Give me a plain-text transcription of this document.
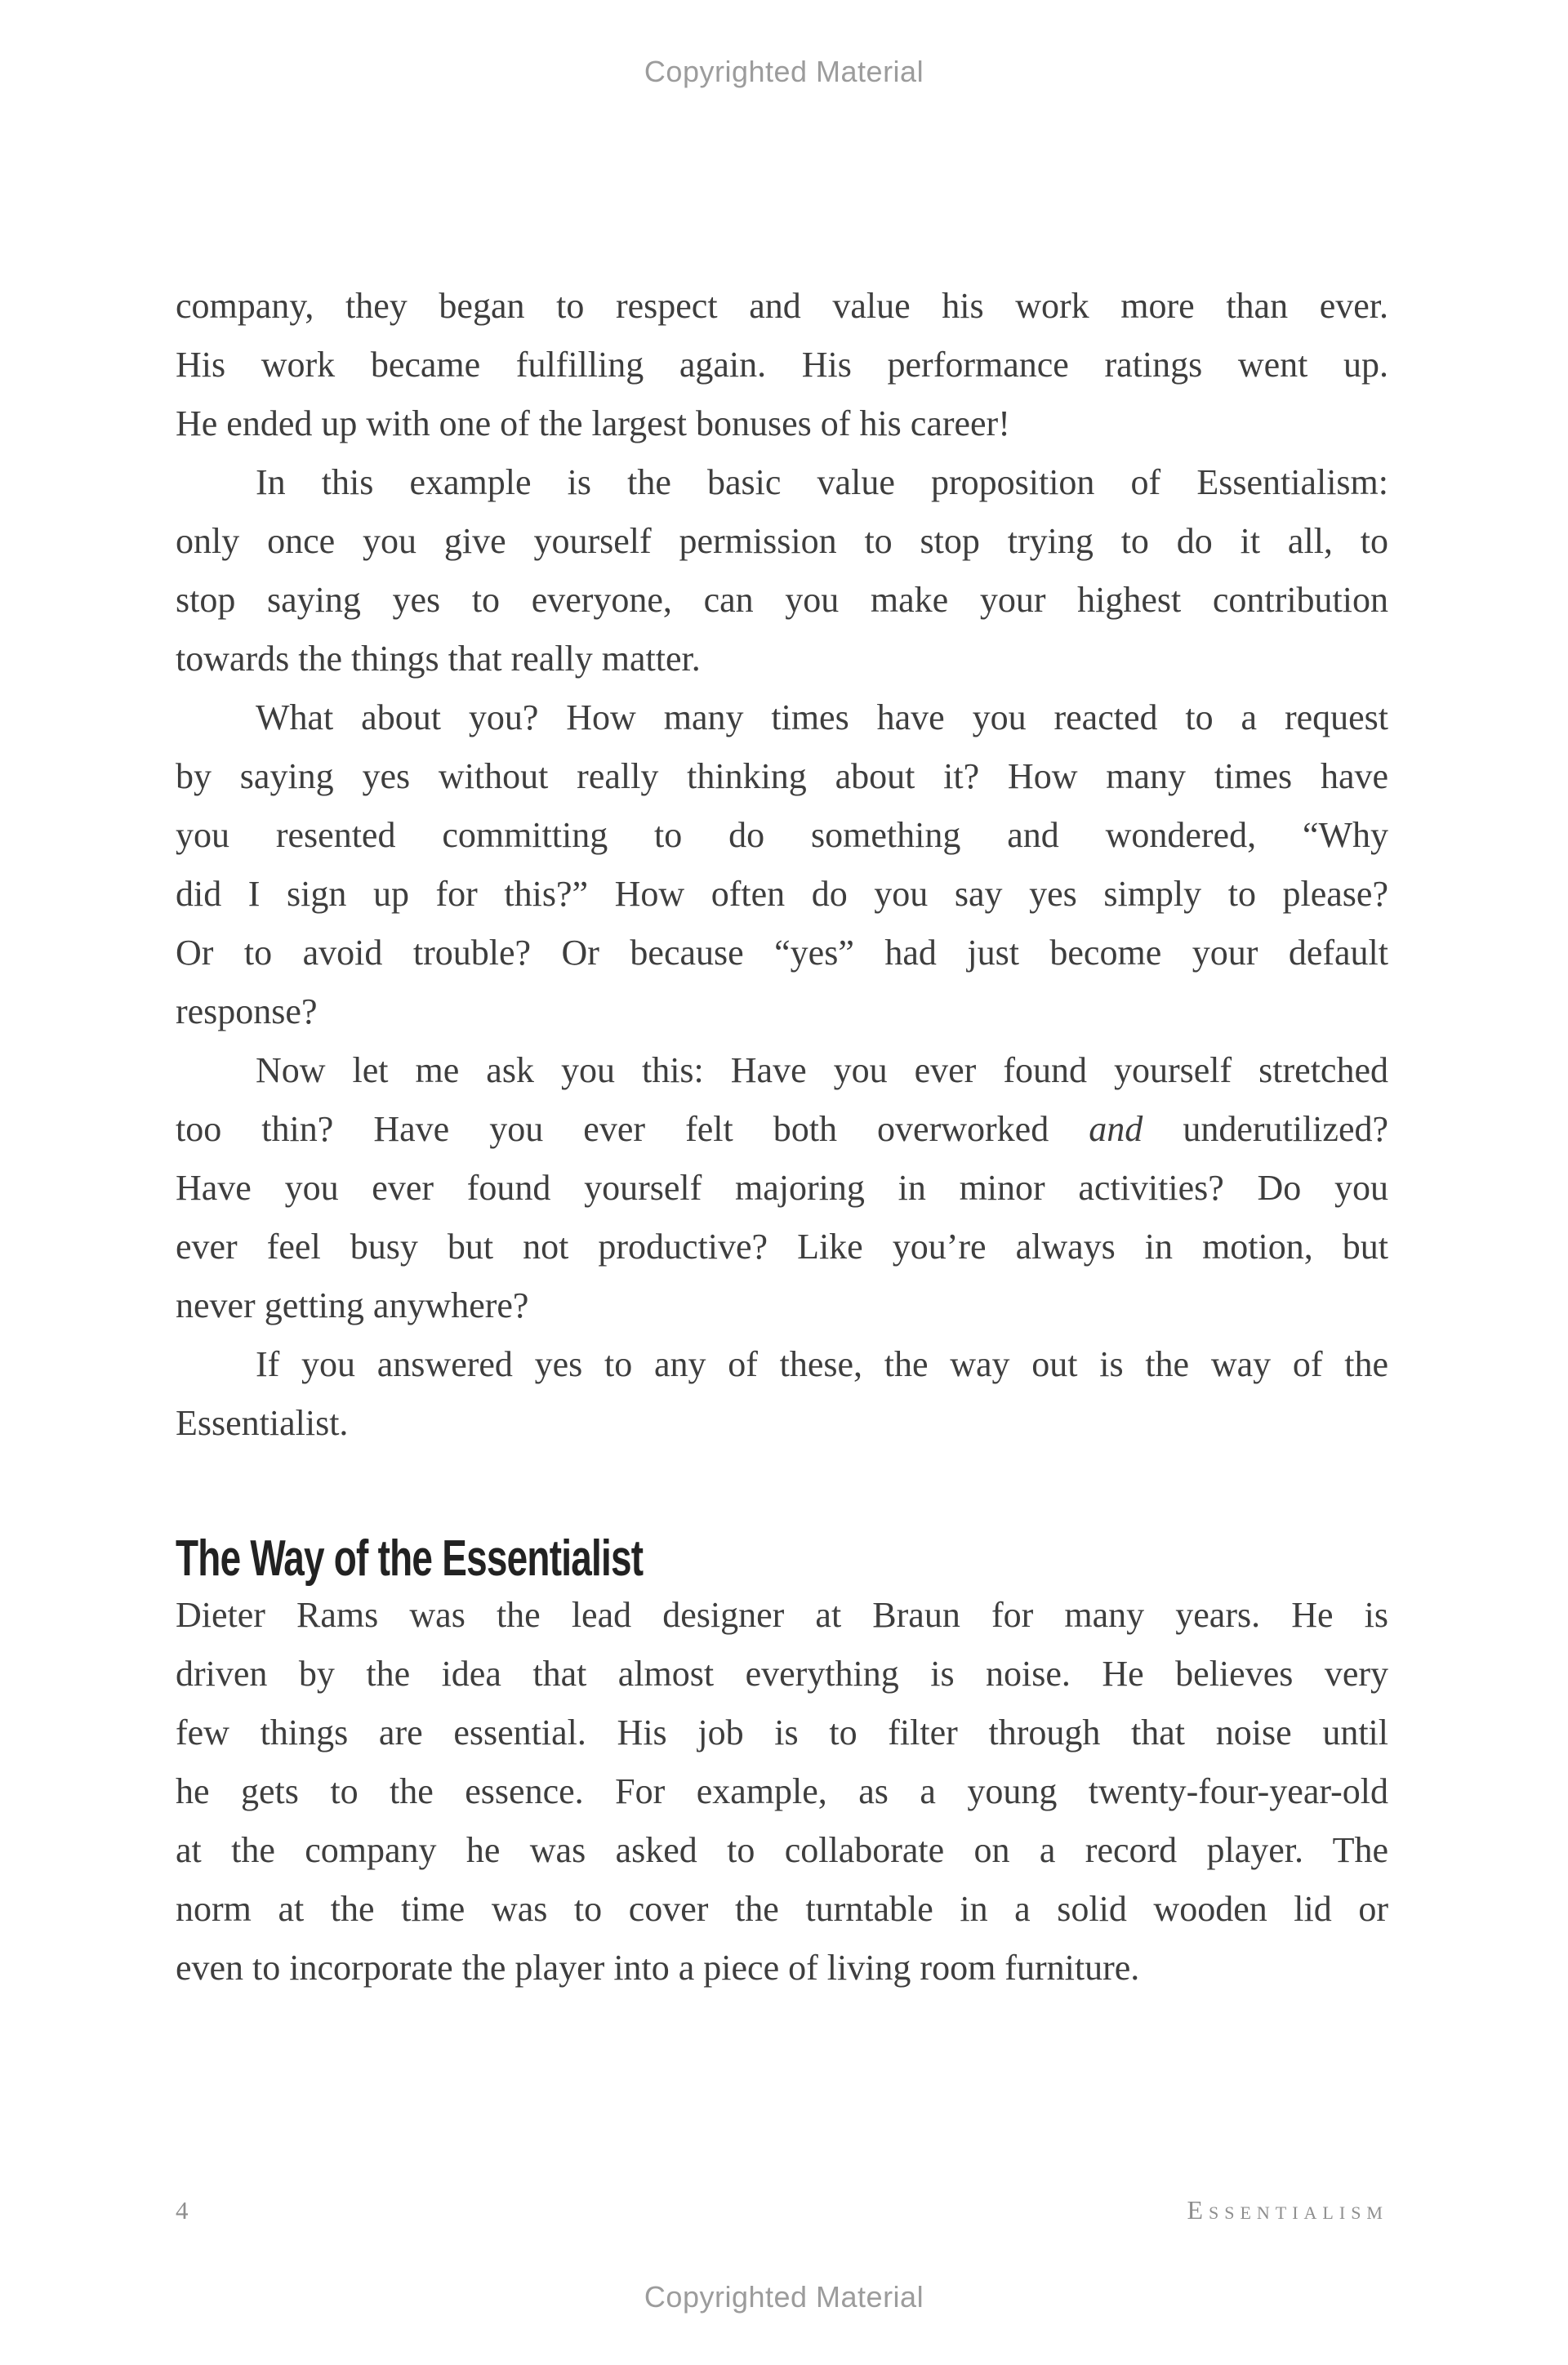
Copyrighted Material
company, they began to respect and value his work more than ever.
His work became fulfilling again. His performance ratings went up.
He ended up with one of the largest bonuses of his career!
In this example is the basic value proposition of Essentialism:
only once you give yourself permission to stop trying to do it all, to
stop saying yes to everyone, can you make your highest contribution
towards the things that really matter.
What about you? How many times have you reacted to a request
by saying yes without really thinking about it? How many times have
you resented committing to do something and wondered, “Why
did I sign up for this?” How often do you say yes simply to please?
Or to avoid trouble? Or because “yes” had just become your default
response?
Now let me ask you this: Have you ever found yourself stretched
too thin? Have you ever felt both overworked and underutilized?
Have you ever found yourself majoring in minor activities? Do you
ever feel busy but not productive? Like you’re always in motion, but
never getting anywhere?
If you answered yes to any of these, the way out is the way of the
Essentialist.
The Way of the Essentialist
Dieter Rams was the lead designer at Braun for many years. He is
driven by the idea that almost everything is noise. He believes very
few things are essential. His job is to filter through that noise until
he gets to the essence. For example, as a young twenty-four-year-old
at the company he was asked to collaborate on a record player. The
norm at the time was to cover the turntable in a solid wooden lid or
even to incorporate the player into a piece of living room furniture.
4	Essentialism
Copyrighted Material
